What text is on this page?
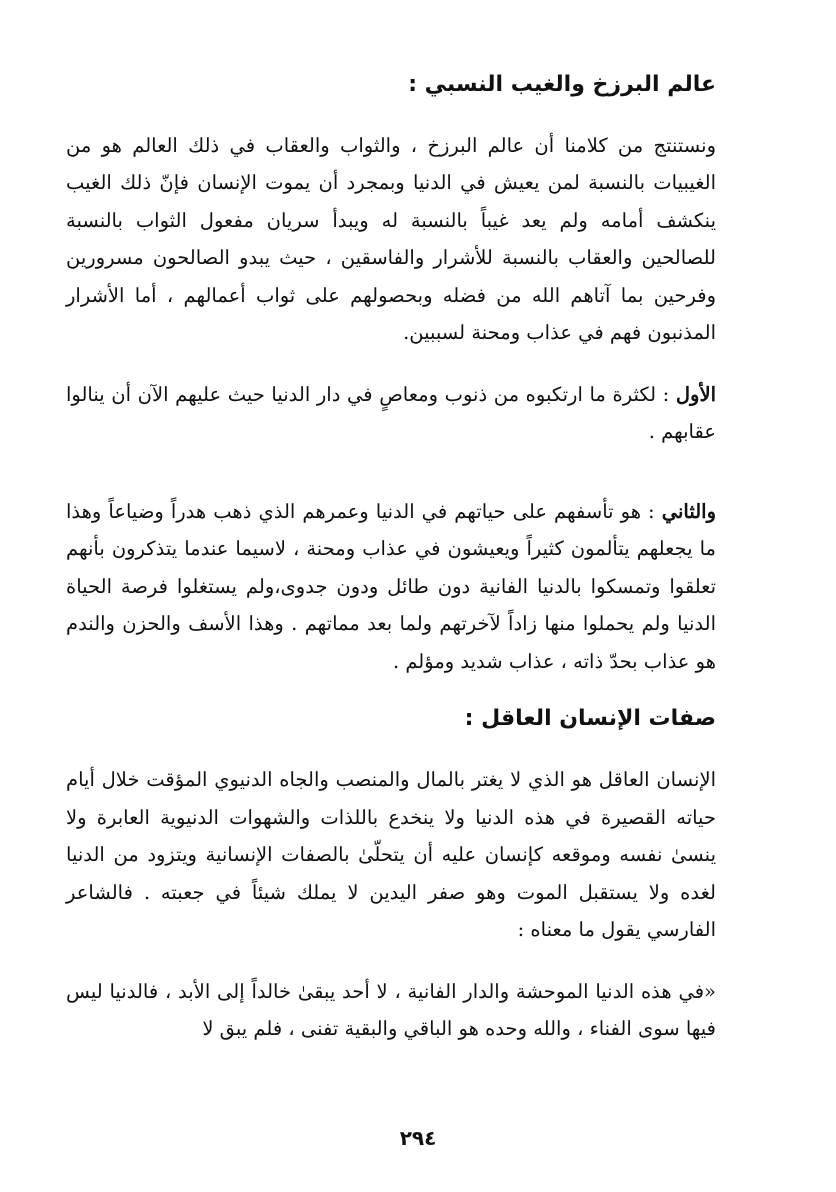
عالم البرزخ والغيب النسبي :

ونستنتج من كلامنا أن عالم البرزخ ، والثواب والعقاب في ذلك العالم هو من الغيبيات بالنسبة لمن يعيش في الدنيا وبمجرد أن يموت الإنسان فإنّ ذلك الغيب ينكشف أمامه ولم يعد غيباً بالنسبة له ويبدأ سريان مفعول الثواب بالنسبة للصالحين والعقاب بالنسبة للأشرار والفاسقين ، حيث يبدو الصالحون مسرورين وفرحين بما آتاهم الله من فضله وبحصولهم على ثواب أعمالهم ، أما الأشرار المذنبون فهم في عذاب ومحنة لسببين.

الأول : لكثرة ما ارتكبوه من ذنوب ومعاصٍ في دار الدنيا حيث عليهم الآن أن ينالوا عقابهم .

والثاني : هو تأسفهم على حياتهم في الدنيا وعمرهم الذي ذهب هدراً وضياعاً وهذا ما يجعلهم يتألمون كثيراً ويعيشون في عذاب ومحنة ، لاسيما عندما يتذكرون بأنهم تعلقوا وتمسكوا بالدنيا الفانية دون طائل ودون جدوى،ولم يستغلوا فرصة الحياة الدنيا ولم يحملوا منها زاداً لآخرتهم ولما بعد مماتهم . وهذا الأسف والحزن والندم هو عذاب بحدّ ذاته ، عذاب شديد ومؤلم .

صفات الإنسان العاقل :

الإنسان العاقل هو الذي لا يغتر بالمال والمنصب والجاه الدنيوي المؤقت خلال أيام حياته القصيرة في هذه الدنيا ولا ينخدع باللذات والشهوات الدنيوية العابرة ولا ينسىٰ نفسه وموقعه كإنسان عليه أن يتحلّىٰ بالصفات الإنسانية ويتزود من الدنيا لغده ولا يستقبل الموت وهو صفر اليدين لا يملك شيئاً في جعبته . فالشاعر الفارسي يقول ما معناه :

«في هذه الدنيا الموحشة والدار الفانية ، لا أحد يبقىٰ خالداً إلى الأبد ، فالدنيا ليس فيها سوى الفناء ، والله وحده هو الباقي والبقية تفنى ، فلم يبق لا

٢٩٤
